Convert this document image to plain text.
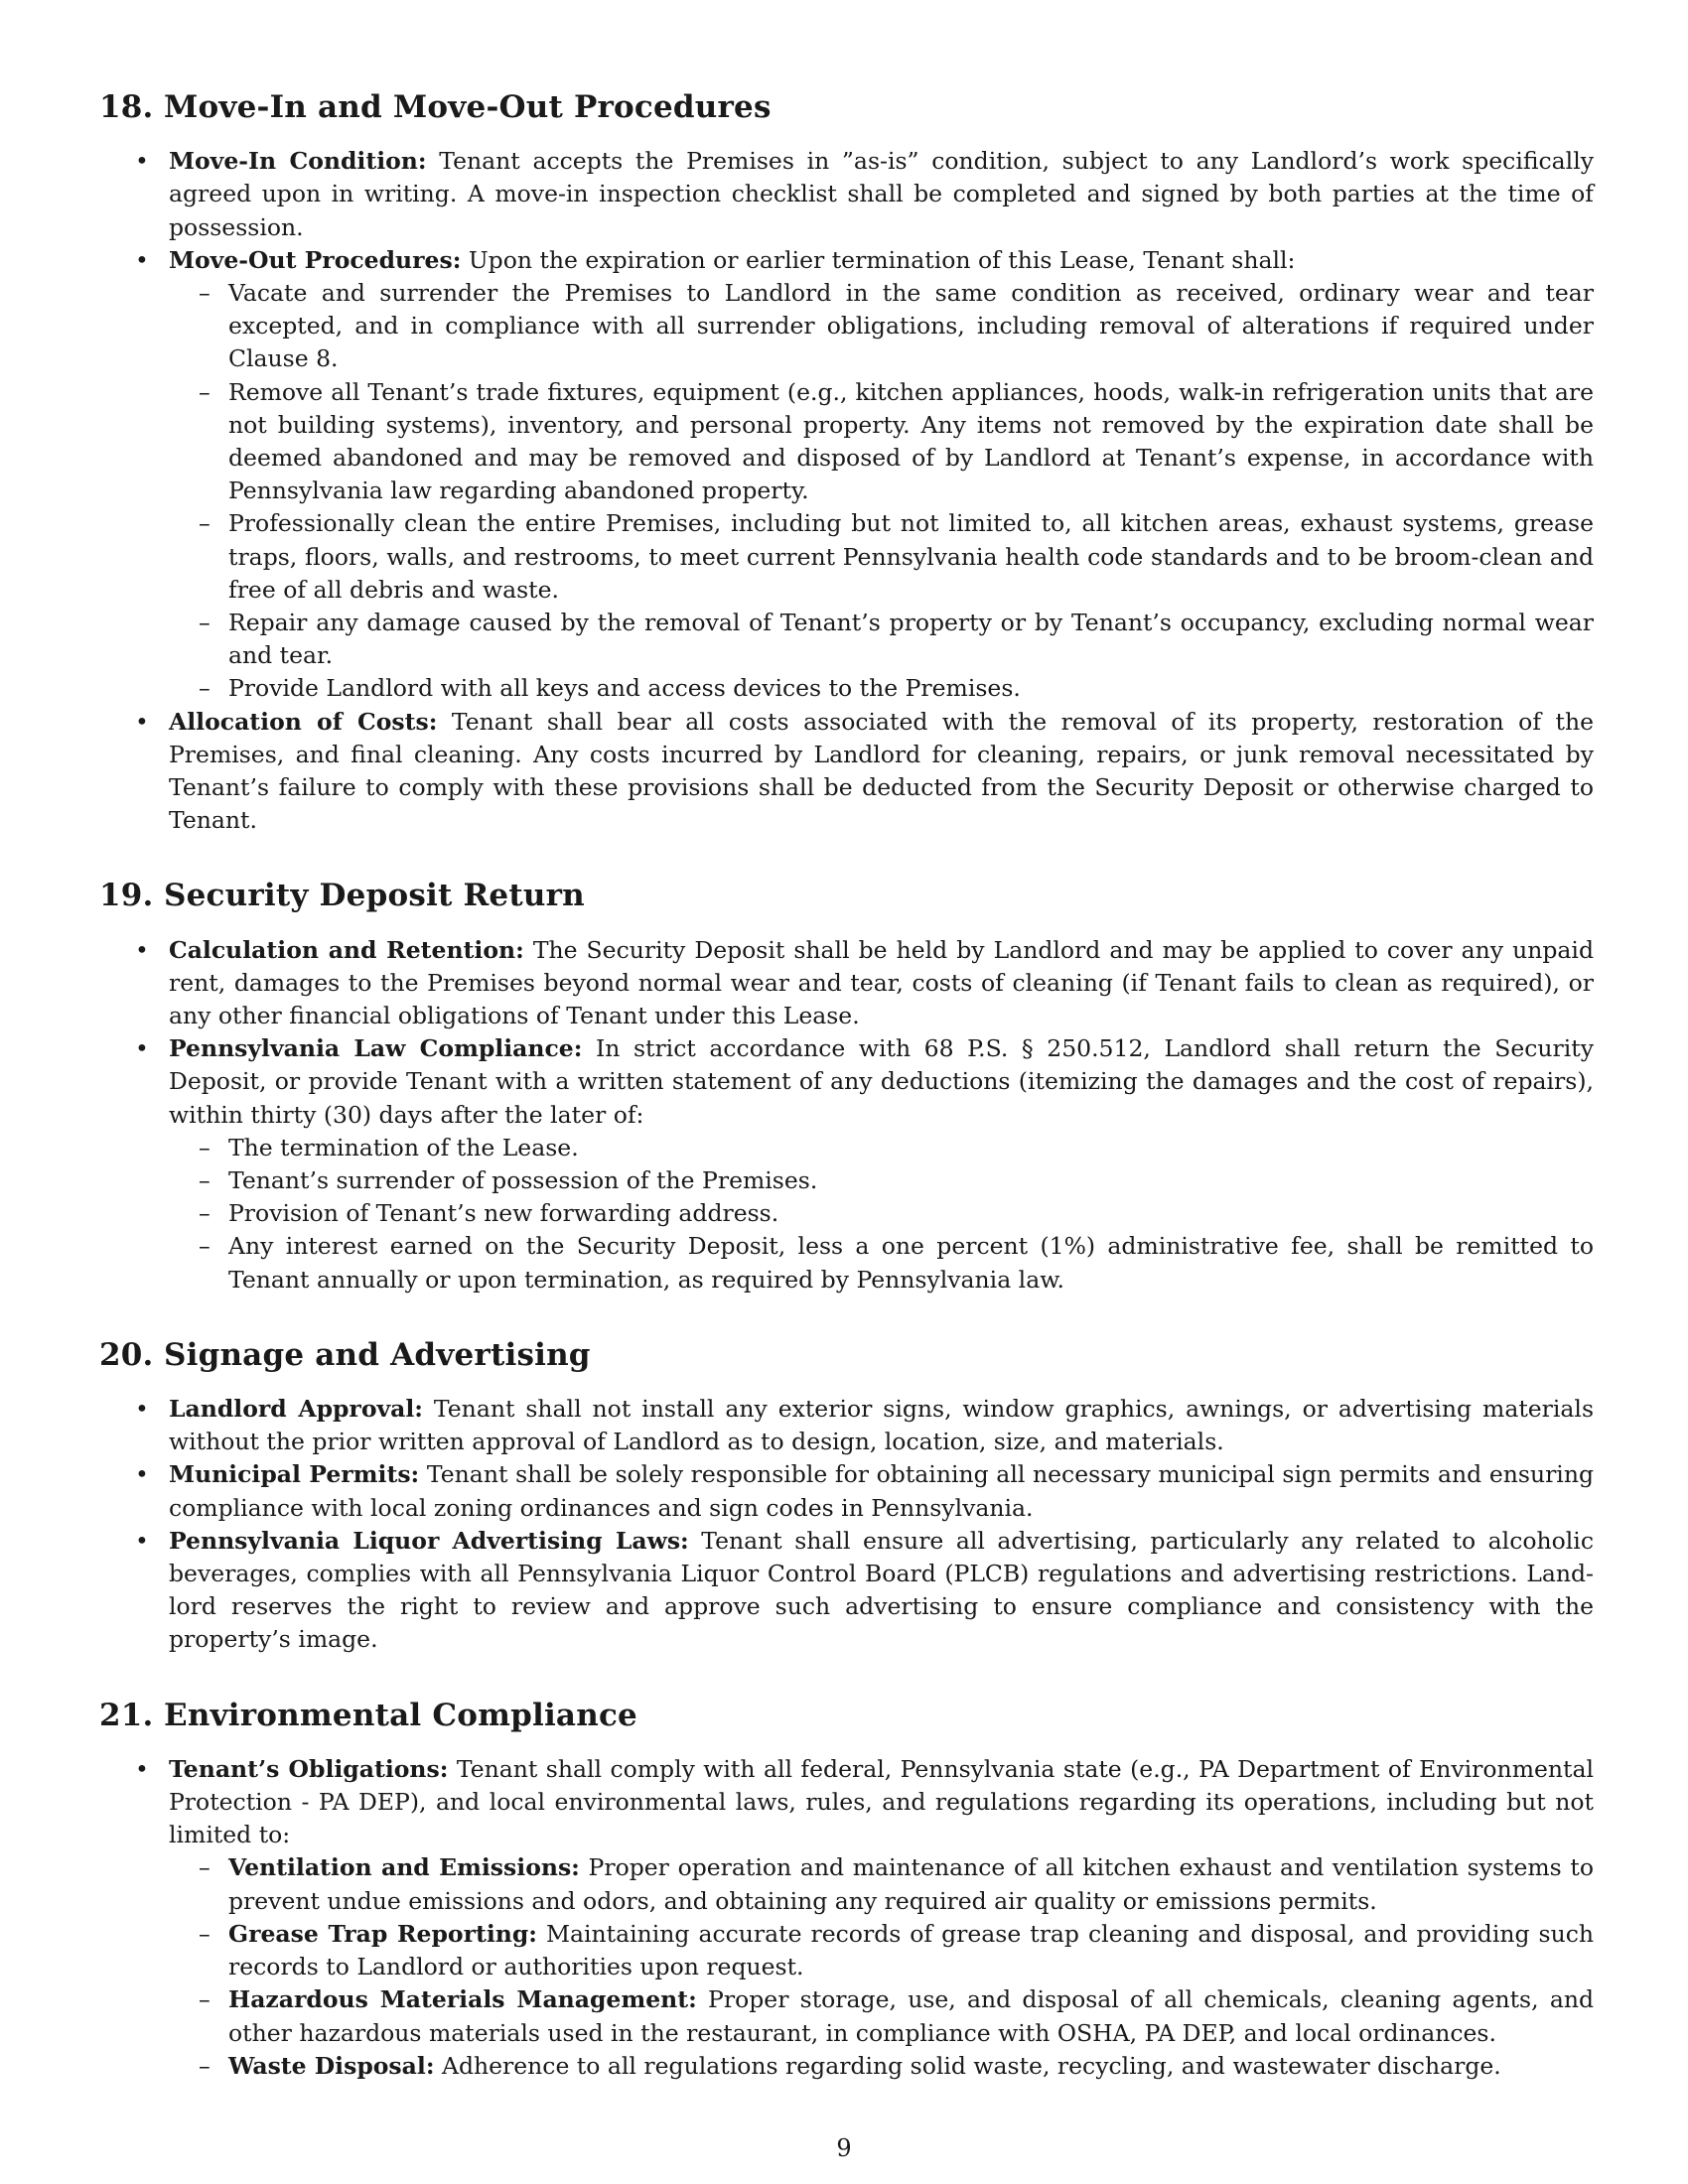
18. Move-In and Move-Out Procedures
• Move-In Condition: Tenant accepts the Premises in ”as-is” condition, subject to any Landlord’s work specifically agreed upon in writing. A move-in inspection checklist shall be completed and signed by both parties at the time of possession.
• Move-Out Procedures: Upon the expiration or earlier termination of this Lease, Tenant shall:
– Vacate and surrender the Premises to Landlord in the same condition as received, ordinary wear and tear excepted, and in compliance with all surrender obligations, including removal of alterations if required under Clause 8.
– Remove all Tenant’s trade fixtures, equipment (e.g., kitchen appliances, hoods, walk-in refrigeration units that are not building systems), inventory, and personal property. Any items not removed by the expiration date shall be deemed abandoned and may be removed and disposed of by Landlord at Tenant’s expense, in accordance with Pennsylvania law regarding abandoned property.
– Professionally clean the entire Premises, including but not limited to, all kitchen areas, exhaust systems, grease traps, floors, walls, and restrooms, to meet current Pennsylvania health code standards and to be broom-clean and free of all debris and waste.
– Repair any damage caused by the removal of Tenant’s property or by Tenant’s occupancy, excluding normal wear and tear.
– Provide Landlord with all keys and access devices to the Premises.
• Allocation of Costs: Tenant shall bear all costs associated with the removal of its property, restoration of the Premises, and final cleaning. Any costs incurred by Landlord for cleaning, repairs, or junk removal necessitated by Tenant’s failure to comply with these provisions shall be deducted from the Security Deposit or otherwise charged to Tenant.
19. Security Deposit Return
• Calculation and Retention: The Security Deposit shall be held by Landlord and may be applied to cover any unpaid rent, damages to the Premises beyond normal wear and tear, costs of cleaning (if Tenant fails to clean as required), or any other financial obligations of Tenant under this Lease.
• Pennsylvania Law Compliance: In strict accordance with 68 P.S. § 250.512, Landlord shall return the Security Deposit, or provide Tenant with a written statement of any deductions (itemizing the damages and the cost of repairs), within thirty (30) days after the later of:
– The termination of the Lease.
– Tenant’s surrender of possession of the Premises.
– Provision of Tenant’s new forwarding address.
– Any interest earned on the Security Deposit, less a one percent (1%) administrative fee, shall be remitted to Tenant annually or upon termination, as required by Pennsylvania law.
20. Signage and Advertising
• Landlord Approval: Tenant shall not install any exterior signs, window graphics, awnings, or advertising materials without the prior written approval of Landlord as to design, location, size, and materials.
• Municipal Permits: Tenant shall be solely responsible for obtaining all necessary municipal sign permits and ensuring compliance with local zoning ordinances and sign codes in Pennsylvania.
• Pennsylvania Liquor Advertising Laws: Tenant shall ensure all advertising, particularly any related to alcoholic beverages, complies with all Pennsylvania Liquor Control Board (PLCB) regulations and advertising restrictions. Landlord reserves the right to review and approve such advertising to ensure compliance and consistency with the property’s image.
21. Environmental Compliance
• Tenant’s Obligations: Tenant shall comply with all federal, Pennsylvania state (e.g., PA Department of Environmental Protection - PA DEP), and local environmental laws, rules, and regulations regarding its operations, including but not limited to:
– Ventilation and Emissions: Proper operation and maintenance of all kitchen exhaust and ventilation systems to prevent undue emissions and odors, and obtaining any required air quality or emissions permits.
– Grease Trap Reporting: Maintaining accurate records of grease trap cleaning and disposal, and providing such records to Landlord or authorities upon request.
– Hazardous Materials Management: Proper storage, use, and disposal of all chemicals, cleaning agents, and other hazardous materials used in the restaurant, in compliance with OSHA, PA DEP, and local ordinances.
– Waste Disposal: Adherence to all regulations regarding solid waste, recycling, and wastewater discharge.
9
